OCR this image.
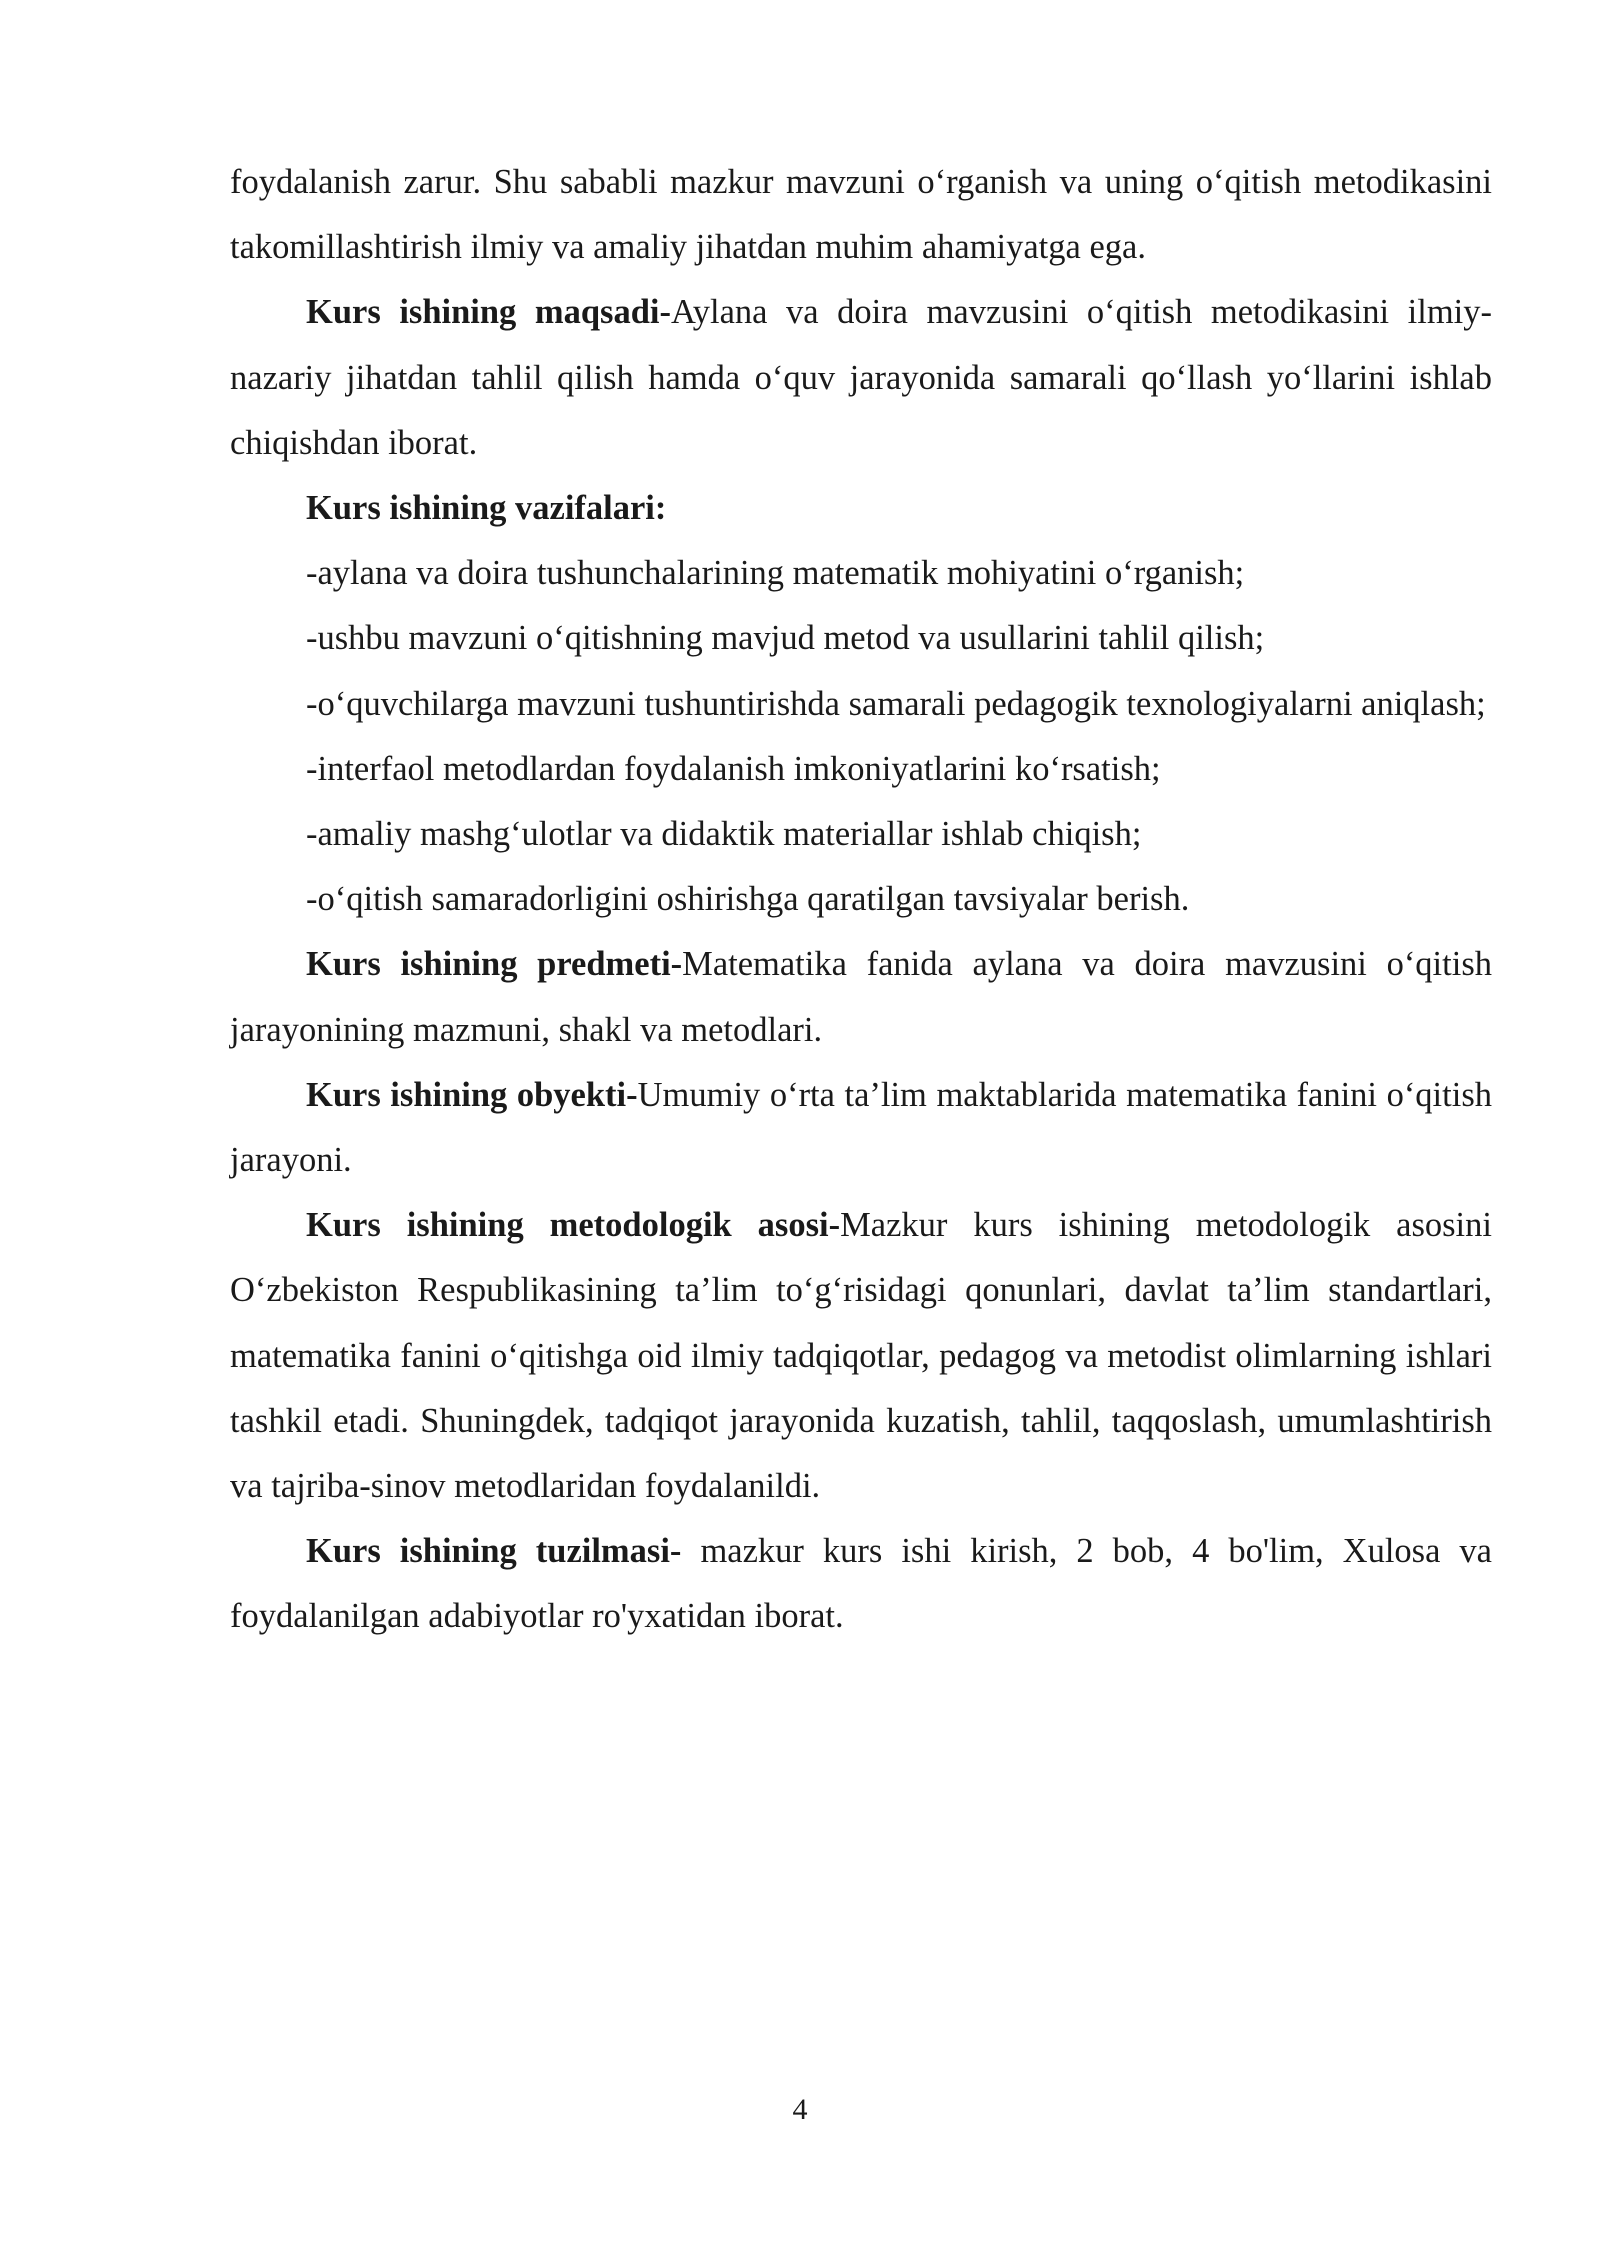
foydalanish zarur. Shu sababli mazkur mavzuni o‘rganish va uning o‘qitish metodikasini takomillashtirish ilmiy va amaliy jihatdan muhim ahamiyatga ega.

Kurs ishining maqsadi-Aylana va doira mavzusini o‘qitish metodikasini ilmiy-nazariy jihatdan tahlil qilish hamda o‘quv jarayonida samarali qo‘llash yo‘llarini ishlab chiqishdan iborat.

Kurs ishining vazifalari:

-aylana va doira tushunchalarining matematik mohiyatini o‘rganish;

-ushbu mavzuni o‘qitishning mavjud metod va usullarini tahlil qilish;

-o‘quvchilarga mavzuni tushuntirishda samarali pedagogik texnologiyalarni aniqlash;

-interfaol metodlardan foydalanish imkoniyatlarini ko‘rsatish;

-amaliy mashg‘ulotlar va didaktik materiallar ishlab chiqish;

-o‘qitish samaradorligini oshirishga qaratilgan tavsiyalar berish.

Kurs ishining predmeti-Matematika fanida aylana va doira mavzusini o‘qitish jarayonining mazmuni, shakl va metodlari.

Kurs ishining obyekti-Umumiy o‘rta ta’lim maktablarida matematika fanini o‘qitish jarayoni.

Kurs ishining metodologik asosi-Mazkur kurs ishining metodologik asosini O‘zbekiston Respublikasining ta’lim to‘g‘risidagi qonunlari, davlat ta’lim standartlari, matematika fanini o‘qitishga oid ilmiy tadqiqotlar, pedagog va metodist olimlarning ishlari tashkil etadi. Shuningdek, tadqiqot jarayonida kuzatish, tahlil, taqqoslash, umumlashtirish va tajriba-sinov metodlaridan foydalanildi.

Kurs ishining tuzilmasi- mazkur kurs ishi kirish, 2 bob, 4 bo'lim, Xulosa va foydalanilgan adabiyotlar ro'yxatidan iborat.

4
